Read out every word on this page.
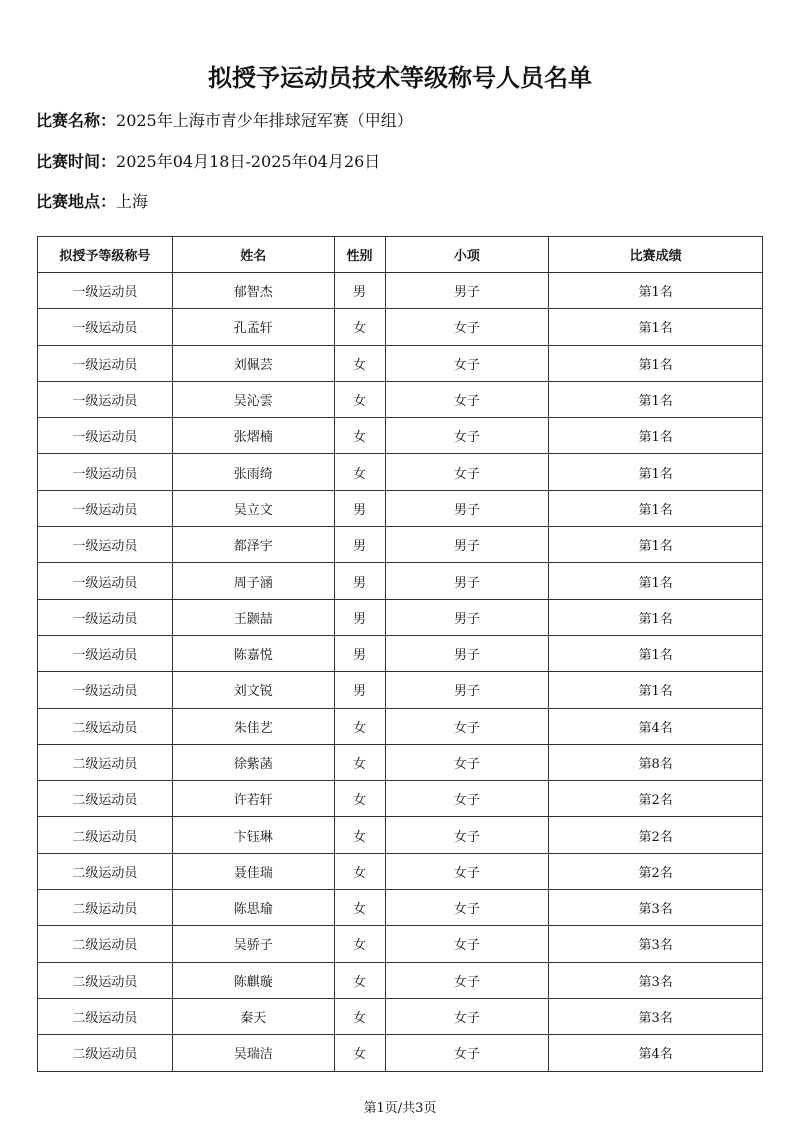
拟授予运动员技术等级称号人员名单
比赛名称：2025年上海市青少年排球冠军赛（甲组）
比赛时间：2025年04月18日-2025年04月26日
比赛地点：上海
拟授予等级称号	姓名	性别	小项	比赛成绩
一级运动员	郁智杰	男	男子	第1名
一级运动员	孔孟轩	女	女子	第1名
一级运动员	刘佩芸	女	女子	第1名
一级运动员	吴沁雲	女	女子	第1名
一级运动员	张熠楠	女	女子	第1名
一级运动员	张雨绮	女	女子	第1名
一级运动员	吴立文	男	男子	第1名
一级运动员	都泽宇	男	男子	第1名
一级运动员	周子涵	男	男子	第1名
一级运动员	王颢喆	男	男子	第1名
一级运动员	陈嘉悦	男	男子	第1名
一级运动员	刘文锐	男	男子	第1名
二级运动员	朱佳艺	女	女子	第4名
二级运动员	徐紫菡	女	女子	第8名
二级运动员	许若轩	女	女子	第2名
二级运动员	卞钰琳	女	女子	第2名
二级运动员	聂佳瑞	女	女子	第2名
二级运动员	陈思瑜	女	女子	第3名
二级运动员	吴骄子	女	女子	第3名
二级运动员	陈麒璇	女	女子	第3名
二级运动员	秦天	女	女子	第3名
二级运动员	吴瑞洁	女	女子	第4名
第1页/共3页
